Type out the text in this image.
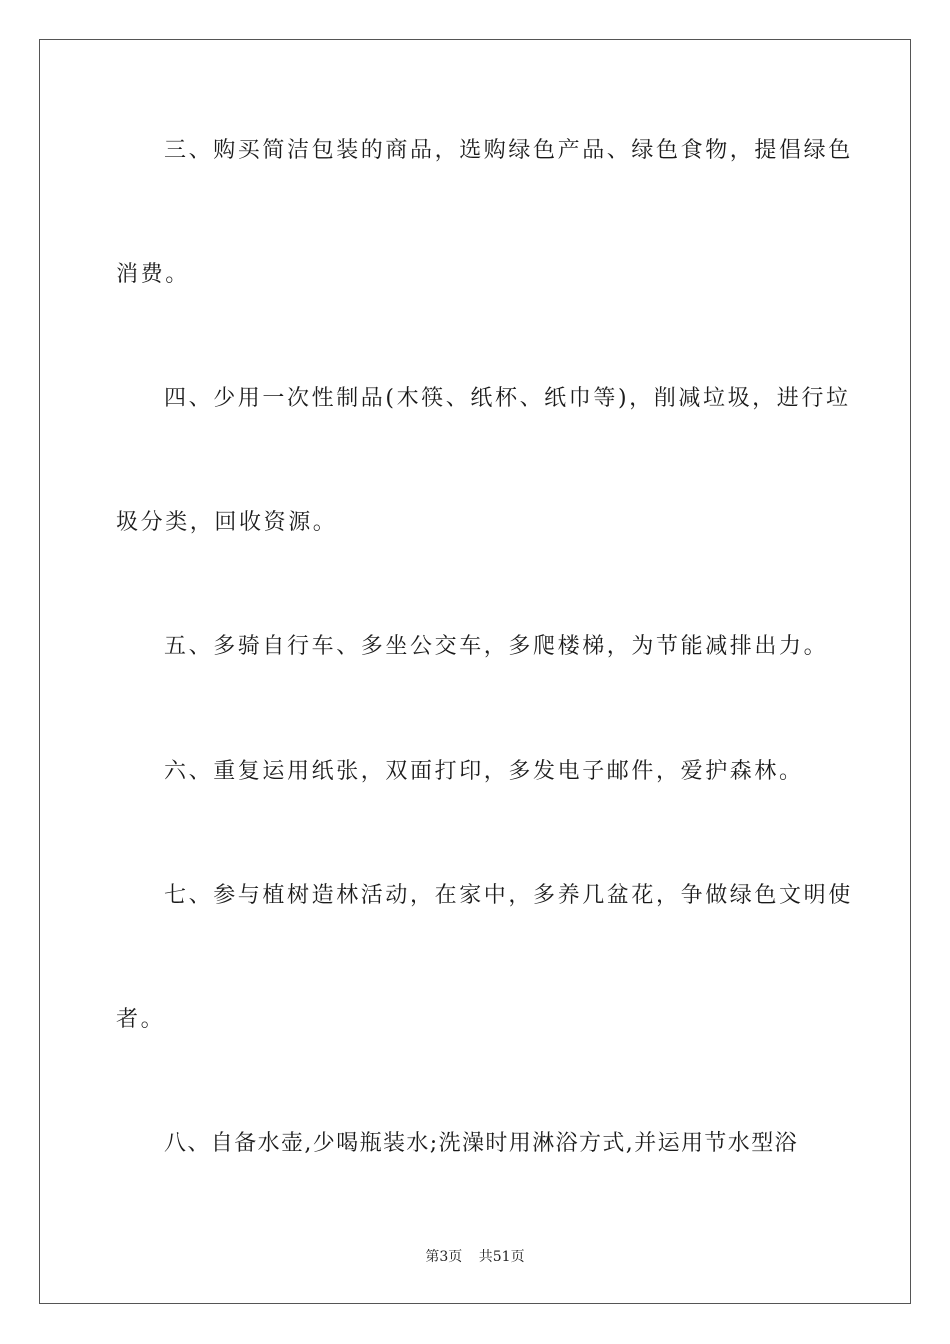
三、购买简洁包装的商品，选购绿色产品、绿色食物，提倡绿色
消费。
四、少用一次性制品(木筷、纸杯、纸巾等)，削减垃圾，进行垃
圾分类，回收资源。
五、多骑自行车、多坐公交车，多爬楼梯，为节能减排出力。
六、重复运用纸张，双面打印，多发电子邮件，爱护森林。
七、参与植树造林活动，在家中，多养几盆花，争做绿色文明使
者。
八、自备水壶,少喝瓶装水;洗澡时用淋浴方式,并运用节水型浴
第3页 共51页
